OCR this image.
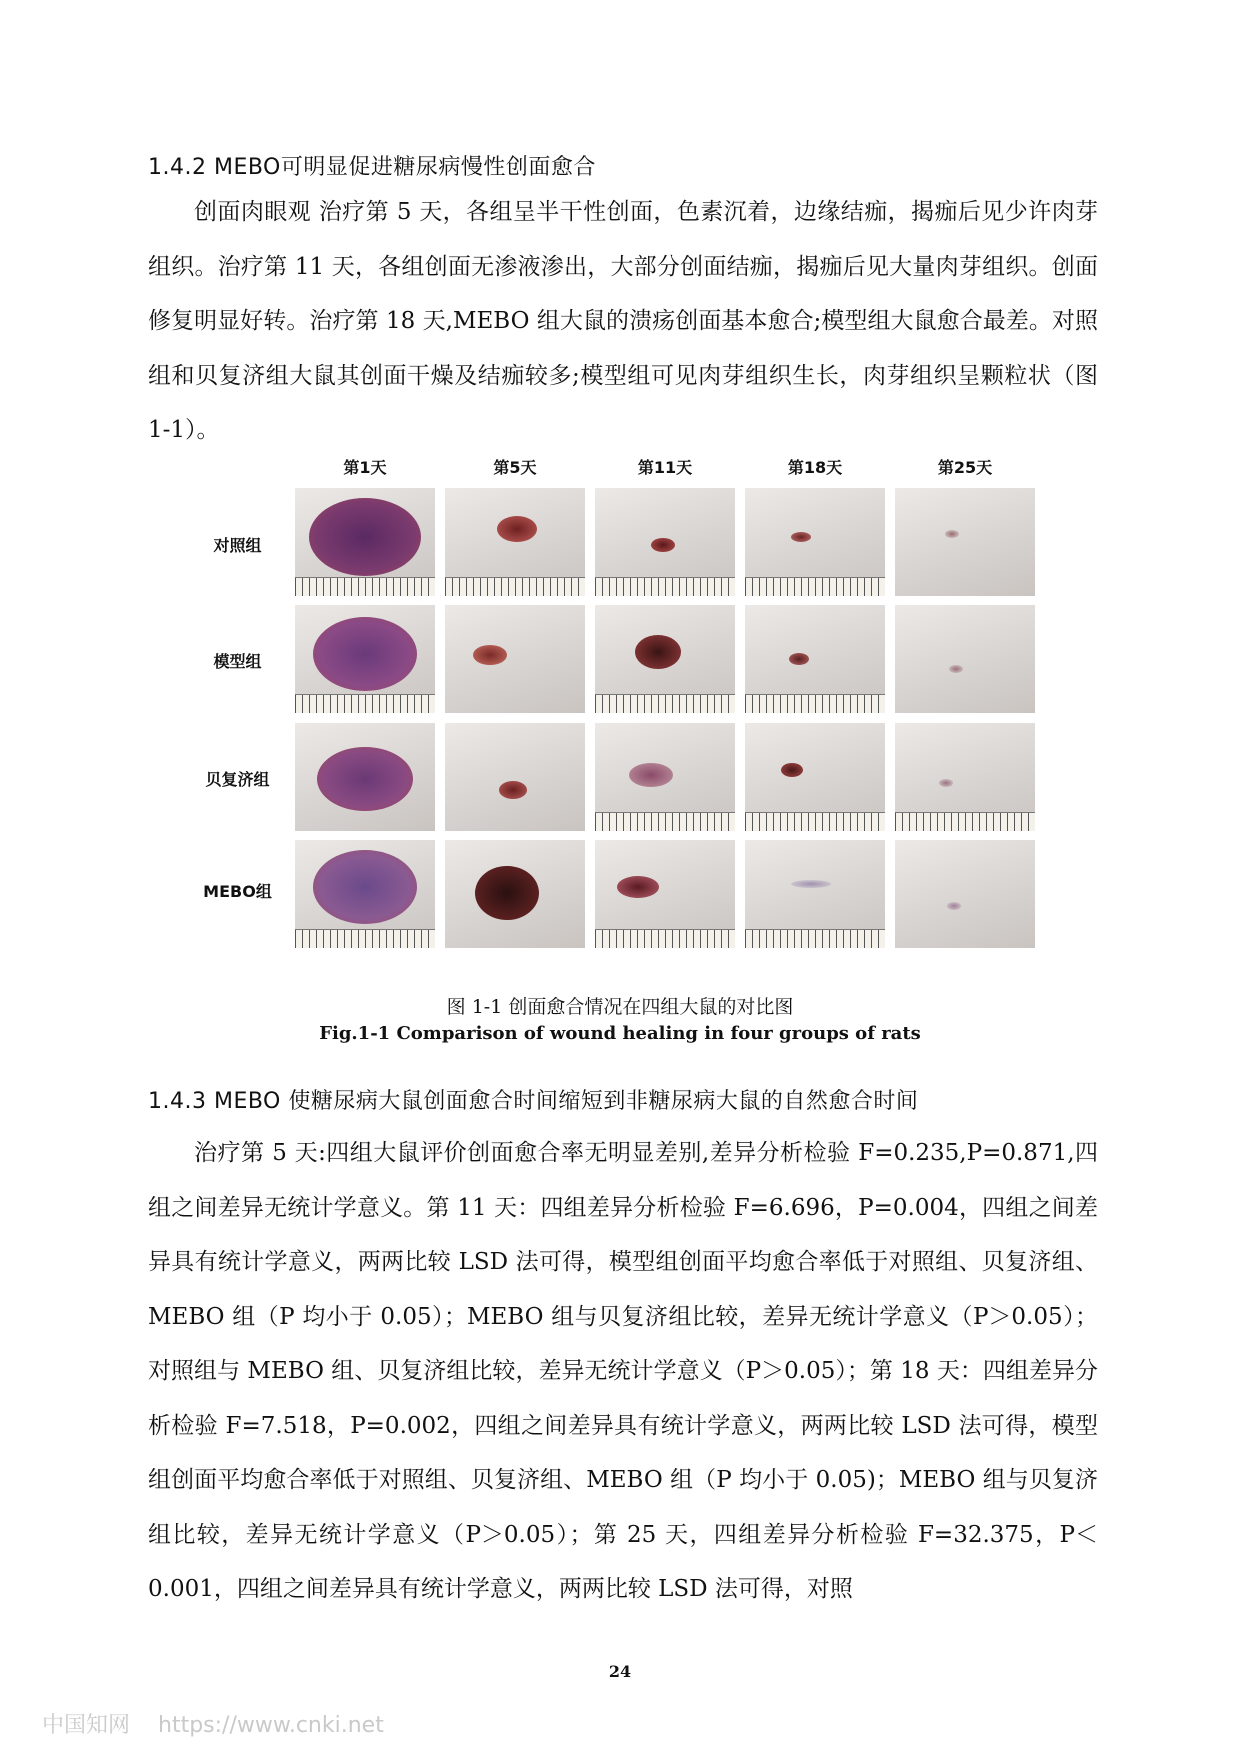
1.4.2 MEBO可明显促进糖尿病慢性创面愈合

创面肉眼观 治疗第 5 天，各组呈半干性创面，色素沉着，边缘结痂，揭痂后见少许肉芽组织。治疗第 11 天，各组创面无渗液渗出，大部分创面结痂，揭痂后见大量肉芽组织。创面修复明显好转。治疗第 18 天,MEBO 组大鼠的溃疡创面基本愈合;模型组大鼠愈合最差。对照组和贝复济组大鼠其创面干燥及结痂较多;模型组可见肉芽组织生长，肉芽组织呈颗粒状（图 1-1）。

第1天	第5天	第11天	第18天	第25天
对照组
模型组
贝复济组
MEBO组
图 1-1 创面愈合情况在四组大鼠的对比图
Fig.1-1 Comparison of wound healing in four groups of rats
1.4.3 MEBO 使糖尿病大鼠创面愈合时间缩短到非糖尿病大鼠的自然愈合时间

治疗第 5 天:四组大鼠评价创面愈合率无明显差别,差异分析检验 F=0.235,P=0.871,四组之间差异无统计学意义。第 11 天：四组差异分析检验 F=6.696，P=0.004，四组之间差异具有统计学意义，两两比较 LSD 法可得，模型组创面平均愈合率低于对照组、贝复济组、MEBO 组（P 均小于 0.05）；MEBO 组与贝复济组比较，差异无统计学意义（P＞0.05）；对照组与 MEBO 组、贝复济组比较，差异无统计学意义（P＞0.05）；第 18 天：四组差异分析检验 F=7.518，P=0.002，四组之间差异具有统计学意义，两两比较 LSD 法可得，模型组创面平均愈合率低于对照组、贝复济组、MEBO 组（P 均小于 0.05)；MEBO 组与贝复济组比较，差异无统计学意义（P＞0.05）；第 25 天，四组差异分析检验 F=32.375，P＜0.001，四组之间差异具有统计学意义，两两比较 LSD 法可得，对照

24
中国知网 https://www.cnki.net
